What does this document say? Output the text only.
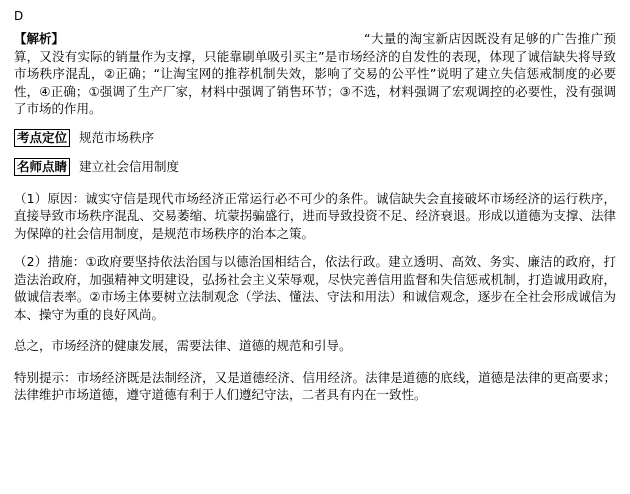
D
【解析】	“大量的淘宝新店因既没有足够的广告推广预算，又没有实际的销量作为支撑，只能靠刷单吸引买主”是市场经济的自发性的表现，体现了诚信缺失将导致市场秩序混乱，②正确；“让淘宝网的推荐机制失效，影响了交易的公平性”说明了建立失信惩戒制度的必要性，④正确；①强调了生产厂家，材料中强调了销售环节；③不选，材料强调了宏观调控的必要性，没有强调了市场的作用。
考点定位 规范市场秩序
名师点睛 建立社会信用制度

（1）原因：诚实守信是现代市场经济正常运行必不可少的条件。诚信缺失会直接破坏市场经济的运行秩序，直接导致市场秩序混乱、交易萎缩、坑蒙拐骗盛行，进而导致投资不足、经济衰退。形成以道德为支撑、法律为保障的社会信用制度，是规范市场秩序的治本之策。

（2）措施：①政府要坚持依法治国与以德治国相结合，依法行政。建立透明、高效、务实、廉洁的政府，打造法治政府，加强精神文明建设，弘扬社会主义荣辱观，尽快完善信用监督和失信惩戒机制，打造诚用政府，做诚信表率。②市场主体要树立法制观念（学法、懂法、守法和用法）和诚信观念，逐步在全社会形成诚信为本、操守为重的良好风尚。

总之，市场经济的健康发展，需要法律、道德的规范和引导。

特别提示：市场经济既是法制经济，又是道德经济、信用经济。法律是道德的底线，道德是法律的更高要求；法律维护市场道德，遵守道德有利于人们遵纪守法，二者具有内在一致性。
